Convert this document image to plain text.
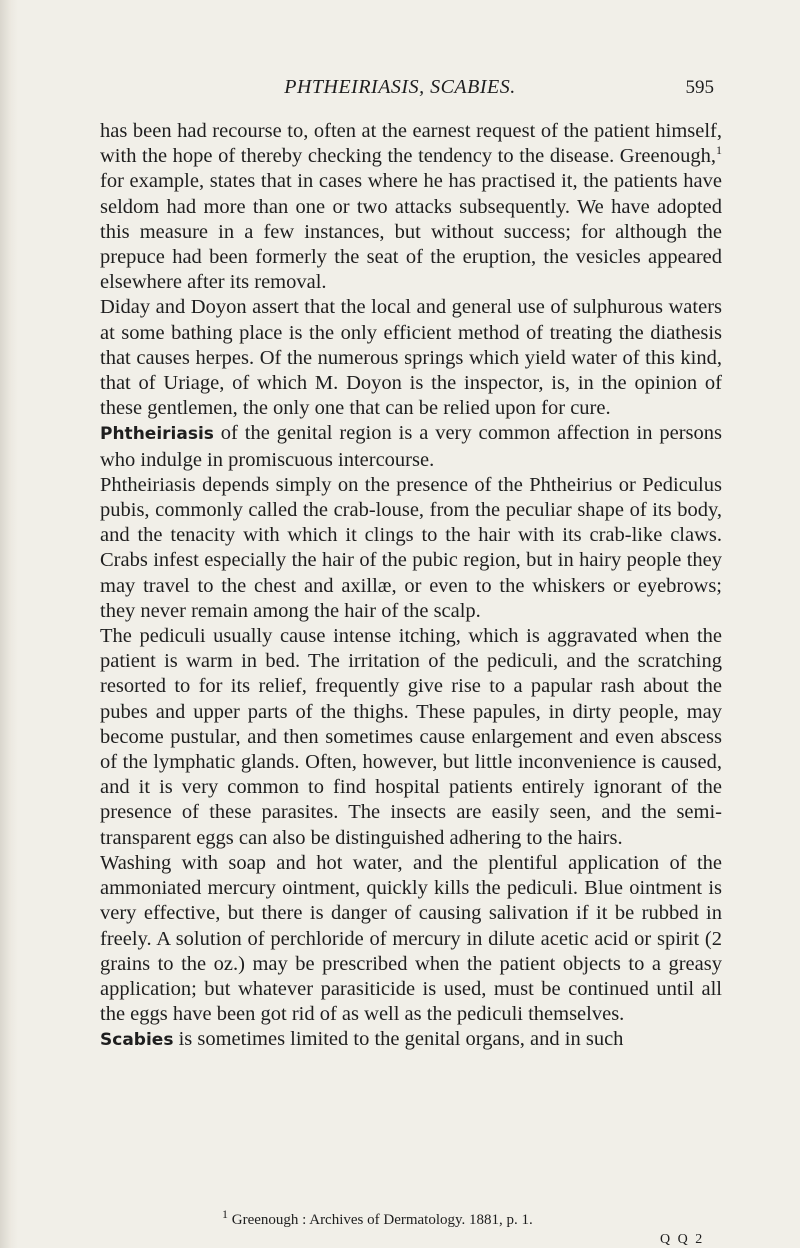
PHTHEIRIASIS, SCABIES.	595

has been had recourse to, often at the earnest request of the patient himself, with the hope of thereby checking the tendency to the disease. Greenough,$^1$ for example, states that in cases where he has practised it, the patients have seldom had more than one or two attacks subsequently. We have adopted this measure in a few instances, but without success; for although the prepuce had been formerly the seat of the eruption, the vesicles appeared elsewhere after its removal.

Diday and Doyon assert that the local and general use of sulphurous waters at some bathing place is the only efficient method of treating the diathesis that causes herpes. Of the numerous springs which yield water of this kind, that of Uriage, of which M. Doyon is the inspector, is, in the opinion of these gentlemen, the only one that can be relied upon for cure.

Phtheiriasis of the genital region is a very common affection in persons who indulge in promiscuous intercourse.

Phtheiriasis depends simply on the presence of the Phtheirius or Pediculus pubis, commonly called the crab-louse, from the peculiar shape of its body, and the tenacity with which it clings to the hair with its crab-like claws. Crabs infest especially the hair of the pubic region, but in hairy people they may travel to the chest and axillæ, or even to the whiskers or eyebrows; they never remain among the hair of the scalp.

The pediculi usually cause intense itching, which is aggravated when the patient is warm in bed. The irritation of the pediculi, and the scratching resorted to for its relief, frequently give rise to a papular rash about the pubes and upper parts of the thighs. These papules, in dirty people, may become pustular, and then sometimes cause enlargement and even abscess of the lymphatic glands. Often, however, but little inconvenience is caused, and it is very common to find hospital patients entirely ignorant of the presence of these parasites. The insects are easily seen, and the semi-transparent eggs can also be distinguished adhering to the hairs.

Washing with soap and hot water, and the plentiful application of the ammoniated mercury ointment, quickly kills the pediculi. Blue ointment is very effective, but there is danger of causing salivation if it be rubbed in freely. A solution of perchloride of mercury in dilute acetic acid or spirit (2 grains to the oz.) may be prescribed when the patient objects to a greasy application; but whatever parasiticide is used, must be continued until all the eggs have been got rid of as well as the pediculi themselves.

Scabies is sometimes limited to the genital organs, and in such

$^1$ Greenough : Archives of Dermatology. 1881, p. 1.
Q Q 2
